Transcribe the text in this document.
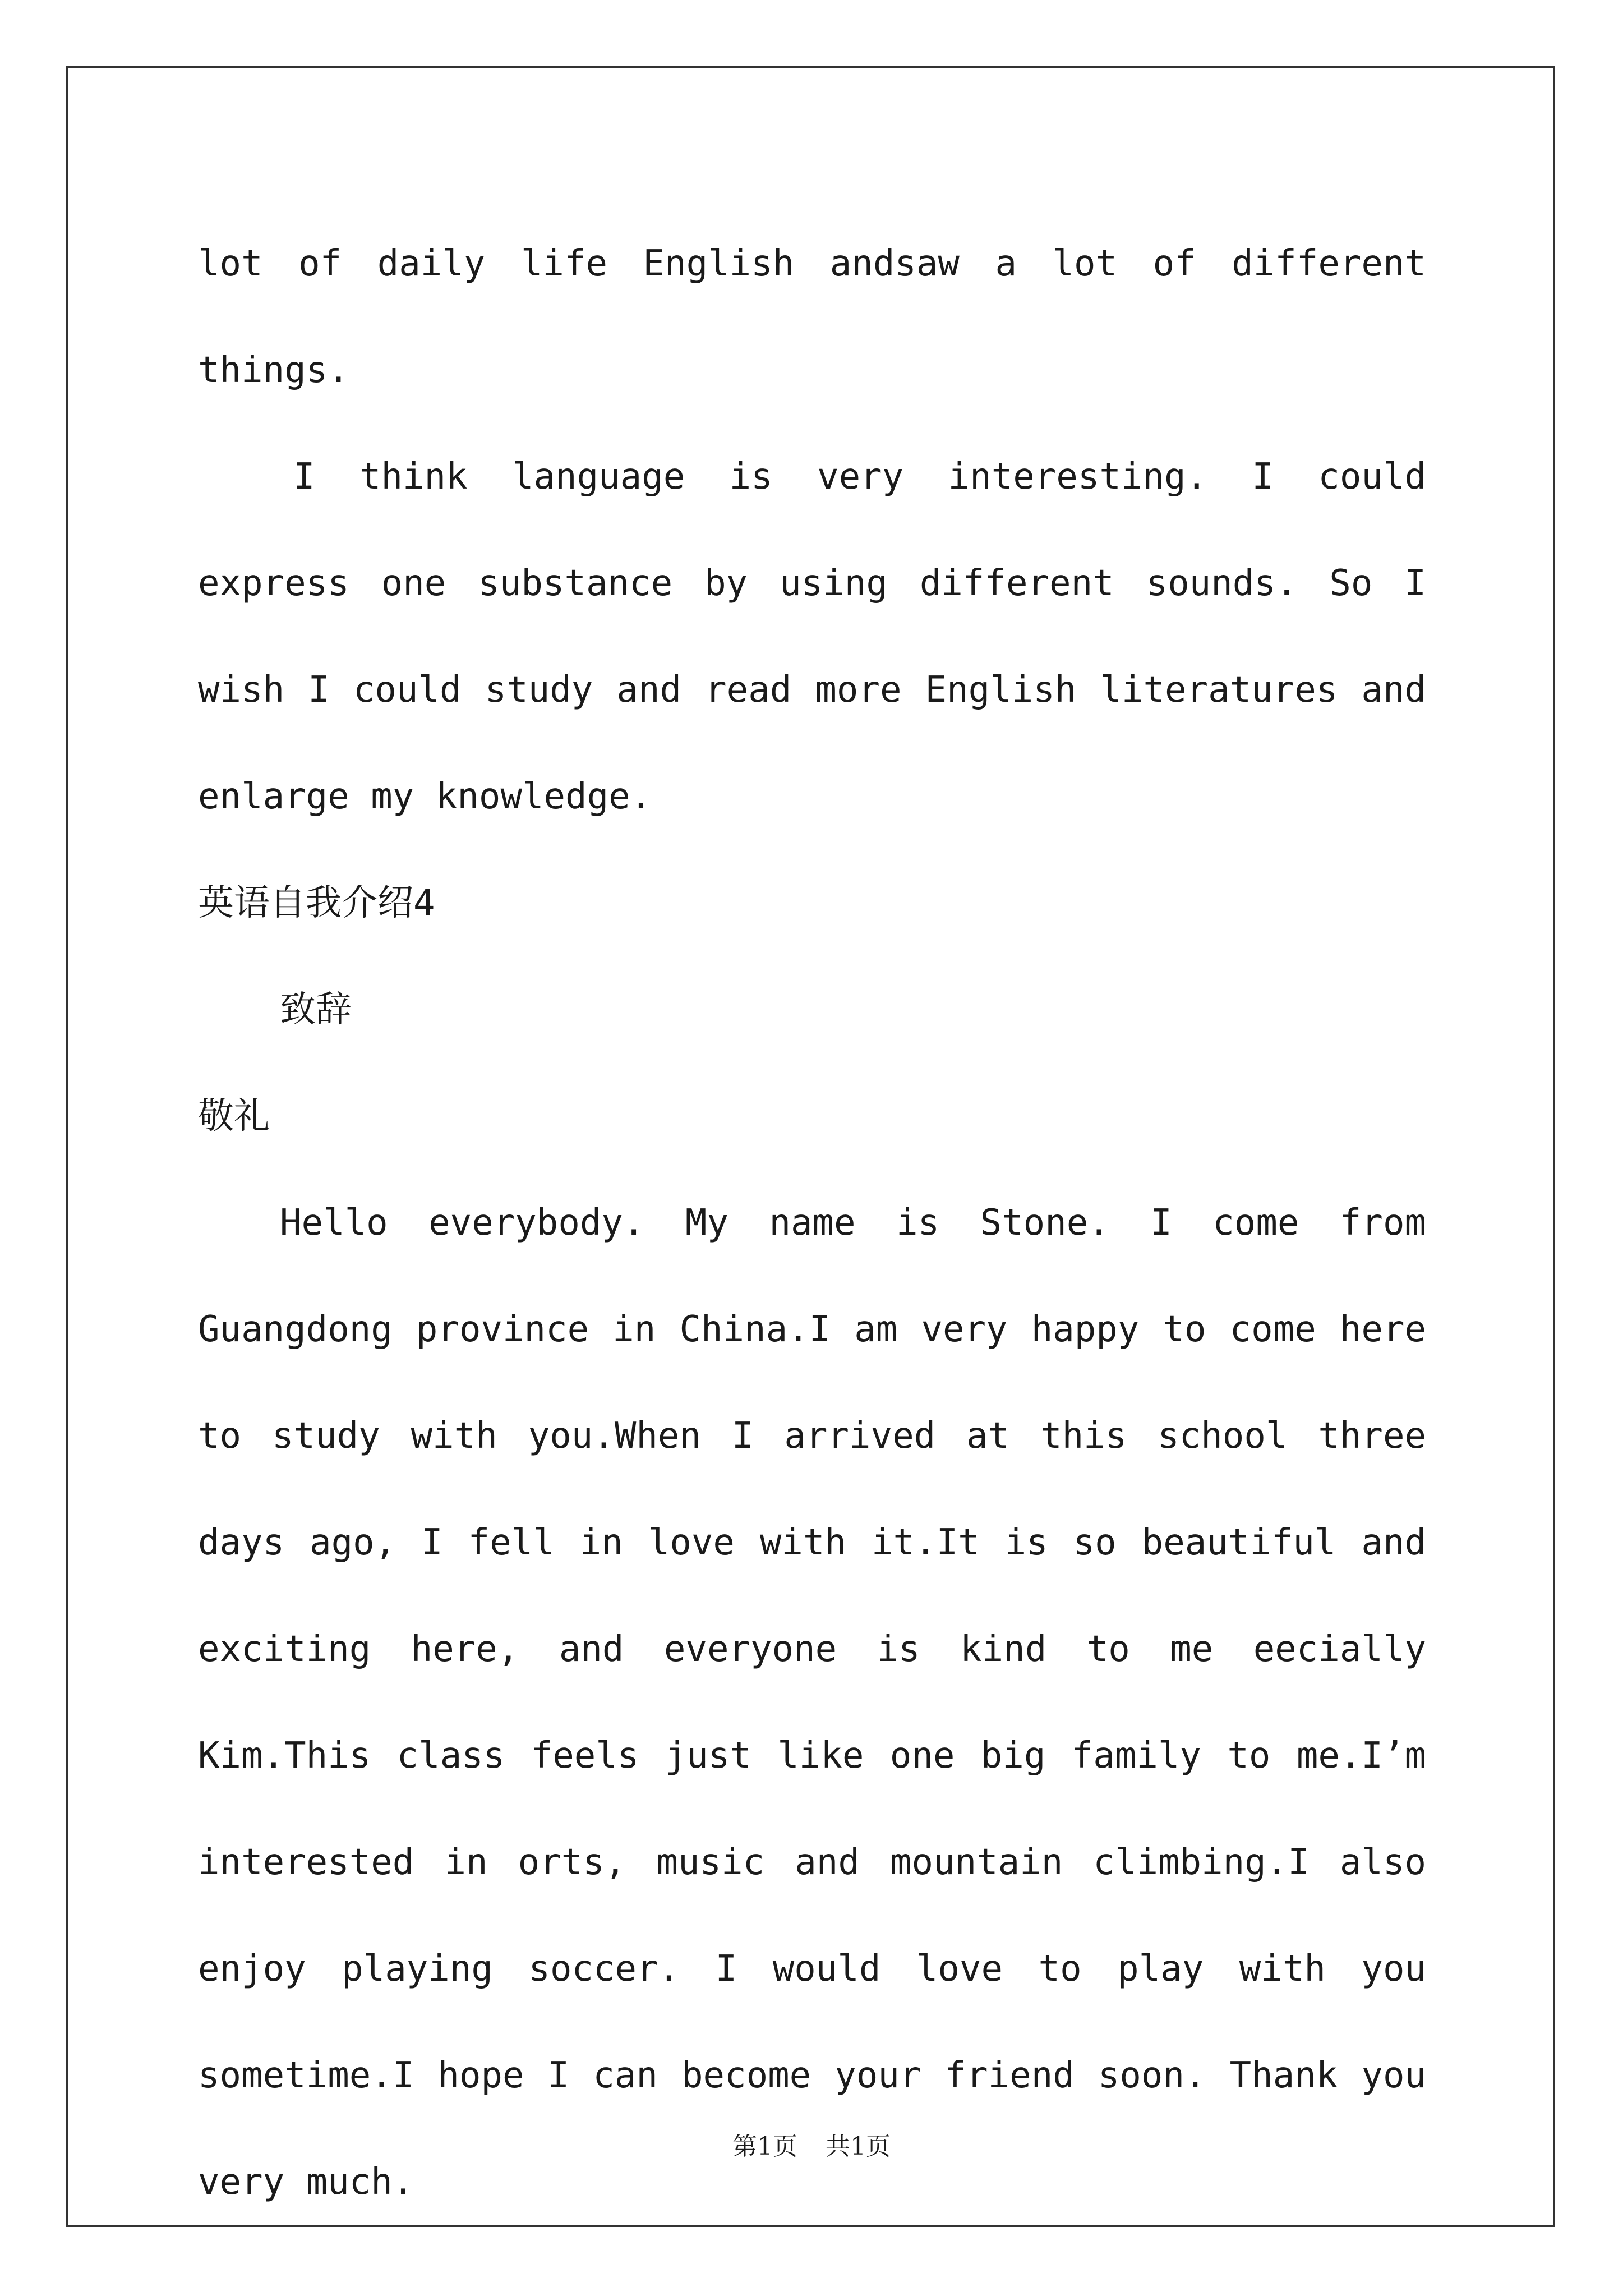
lot of daily life English andsaw a lot of different things.

I think language is very interesting. I could express one substance by using different sounds. So I wish I could study and read more English literatures and enlarge my knowledge.

英语自我介绍4

致辞

敬礼

Hello everybody. My name is Stone. I come from Guangdong province in China.I am very happy to come here to study with you.When I arrived at this school three days ago, I fell in love with it.It is so beautiful and exciting here, and everyone is kind to me eecially Kim.This class feels just like one big family to me.I’m interested in orts, music and mountain climbing.I also enjoy playing soccer. I would love to play with you sometime.I hope I can become your friend soon. Thank you very much.

第1页 共1页
